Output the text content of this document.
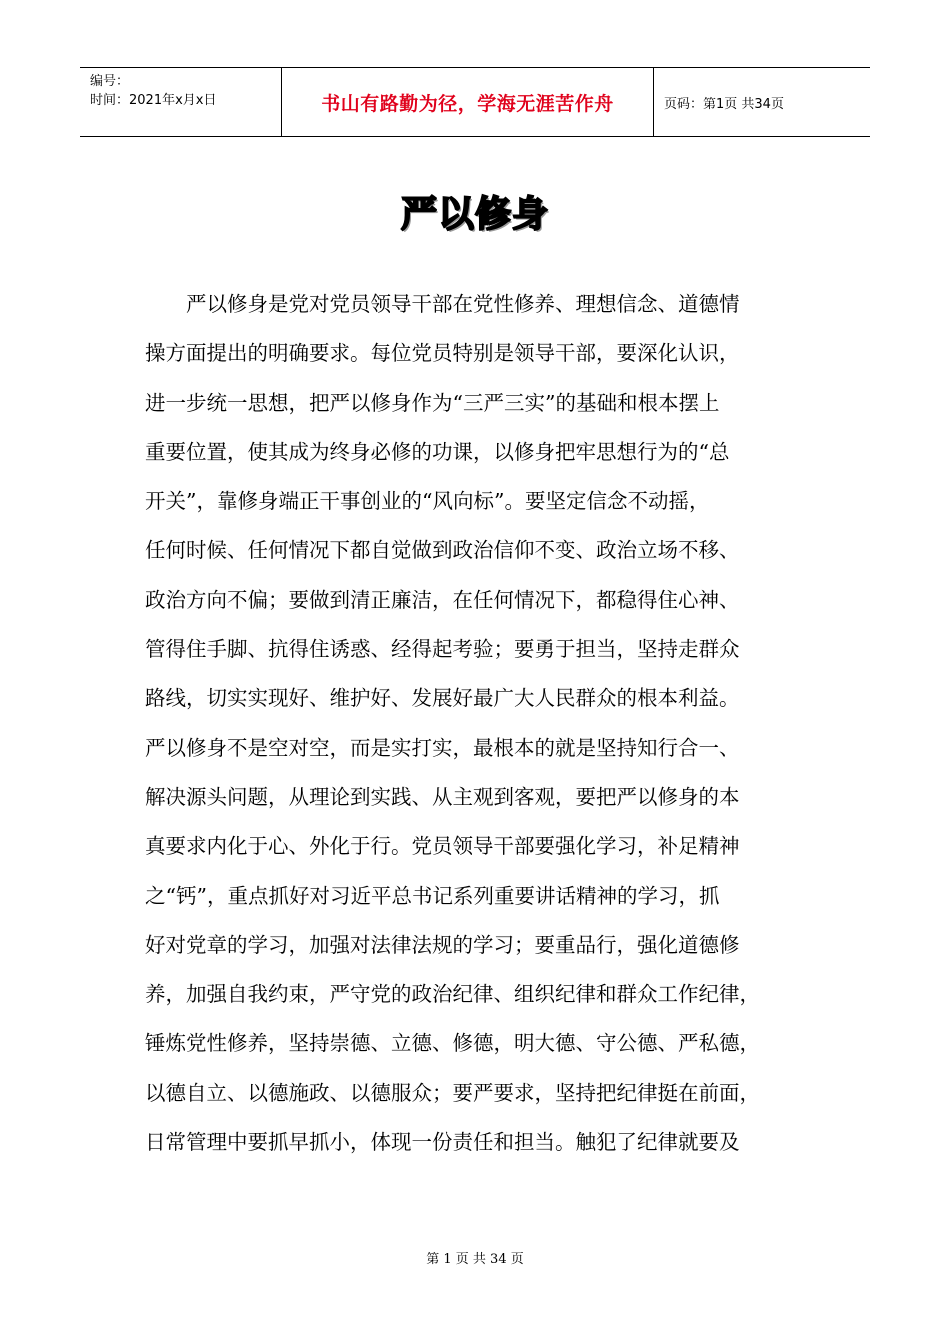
编号：
时间：2021年x月x日	书山有路勤为径，学海无涯苦作舟	页码：第1页 共34页
严以修身
　　严以修身是党对党员领导干部在党性修养、理想信念、道德情
操方面提出的明确要求。每位党员特别是领导干部，要深化认识，
进一步统一思想，把严以修身作为“三严三实”的基础和根本摆上
重要位置，使其成为终身必修的功课，以修身把牢思想行为的“总
开关”，靠修身端正干事创业的“风向标”。要坚定信念不动摇，
任何时候、任何情况下都自觉做到政治信仰不变、政治立场不移、
政治方向不偏；要做到清正廉洁，在任何情况下，都稳得住心神、
管得住手脚、抗得住诱惑、经得起考验；要勇于担当，坚持走群众
路线，切实实现好、维护好、发展好最广大人民群众的根本利益。
严以修身不是空对空，而是实打实，最根本的就是坚持知行合一、
解决源头问题，从理论到实践、从主观到客观，要把严以修身的本
真要求内化于心、外化于行。党员领导干部要强化学习，补足精神
之“钙”，重点抓好对习近平总书记系列重要讲话精神的学习，抓
好对党章的学习，加强对法律法规的学习；要重品行，强化道德修
养，加强自我约束，严守党的政治纪律、组织纪律和群众工作纪律，
锤炼党性修养，坚持崇德、立德、修德，明大德、守公德、严私德，
以德自立、以德施政、以德服众；要严要求，坚持把纪律挺在前面，
日常管理中要抓早抓小，体现一份责任和担当。触犯了纪律就要及
第 1 页 共 34 页
